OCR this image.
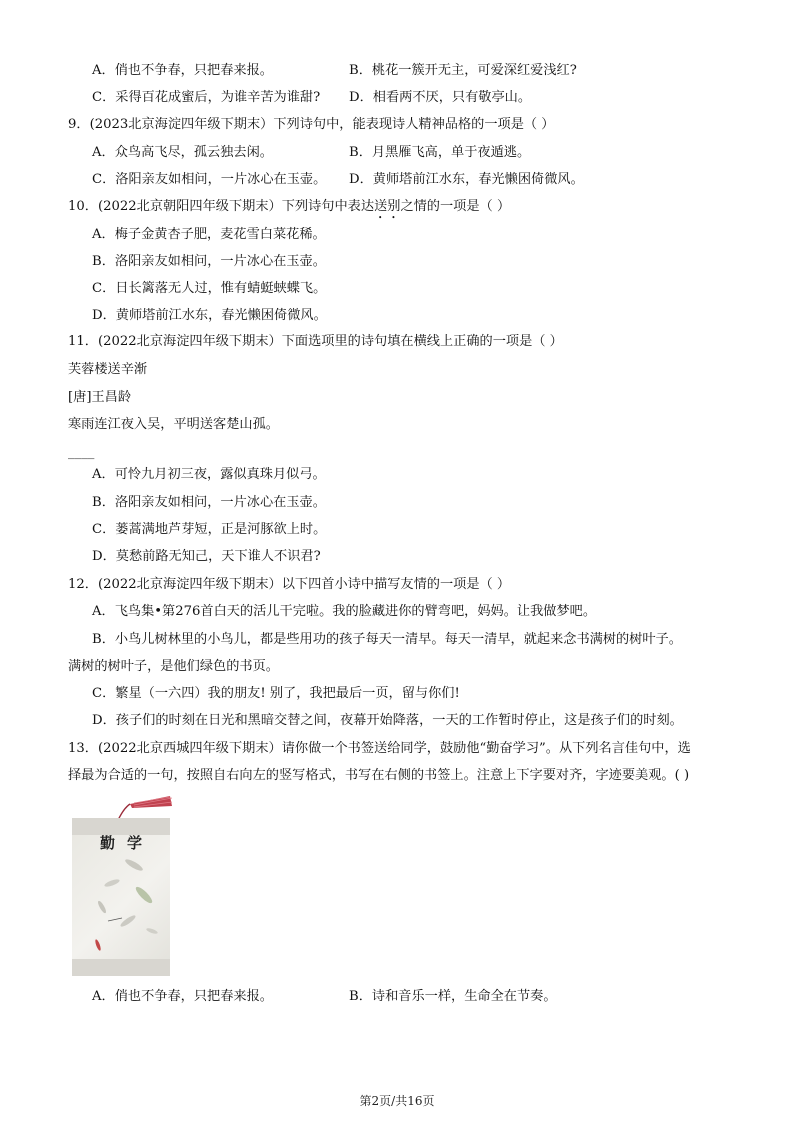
A．俏也不争春，只把春来报。	B．桃花一簇开无主，可爱深红爱浅红?
C．采得百花成蜜后，为谁辛苦为谁甜? D．相看两不厌，只有敬亭山。
9．(2023北京海淀四年级下期末）下列诗句中，能表现诗人精神品格的一项是（ ）
A．众鸟高飞尽，孤云独去闲。	B．月黑雁飞高，单于夜遁逃。
C．洛阳亲友如相问，一片冰心在玉壶。 D．黄师塔前江水东，春光懒困倚微风。
10．(2022北京朝阳四年级下期末）下列诗句中表达送别之情的一项是（ ）
A．梅子金黄杏子肥，麦花雪白菜花稀。
B．洛阳亲友如相问，一片冰心在玉壶。
C．日长篱落无人过，惟有蜻蜓蛱蝶飞。
D．黄师塔前江水东，春光懒困倚微风。
11．(2022北京海淀四年级下期末）下面选项里的诗句填在横线上正确的一项是（ ）
芙蓉楼送辛渐
[唐]王昌龄
寒雨连江夜入吴，平明送客楚山孤。
____
A．可怜九月初三夜，露似真珠月似弓。
B．洛阳亲友如相问，一片冰心在玉壶。
C．蒌蒿满地芦芽短，正是河豚欲上时。
D．莫愁前路无知己，天下谁人不识君?
12．(2022北京海淀四年级下期末）以下四首小诗中描写友情的一项是（ ）
A．飞鸟集•第276首白天的活儿干完啦。我的脸藏进你的臂弯吧，妈妈。让我做梦吧。
B．小鸟儿树林里的小鸟儿，都是些用功的孩子每天一清早。每天一清早，就起来念书满树的树叶子。
满树的树叶子，是他们绿色的书页。
C．繁星（一六四）我的朋友! 别了，我把最后一页，留与你们!
D．孩子们的时刻在日光和黑暗交替之间，夜幕开始降落，一天的工作暂时停止，这是孩子们的时刻。
13．(2022北京西城四年级下期末）请你做一个书签送给同学，鼓励他“勤奋学习”。从下列名言佳句中，选
择最为合适的一句，按照自右向左的竖写格式，书写在右侧的书签上。注意上下字要对齐，字迹要美观。( )
勤学
A．俏也不争春，只把春来报。	B．诗和音乐一样，生命全在节奏。
第2页/共16页
